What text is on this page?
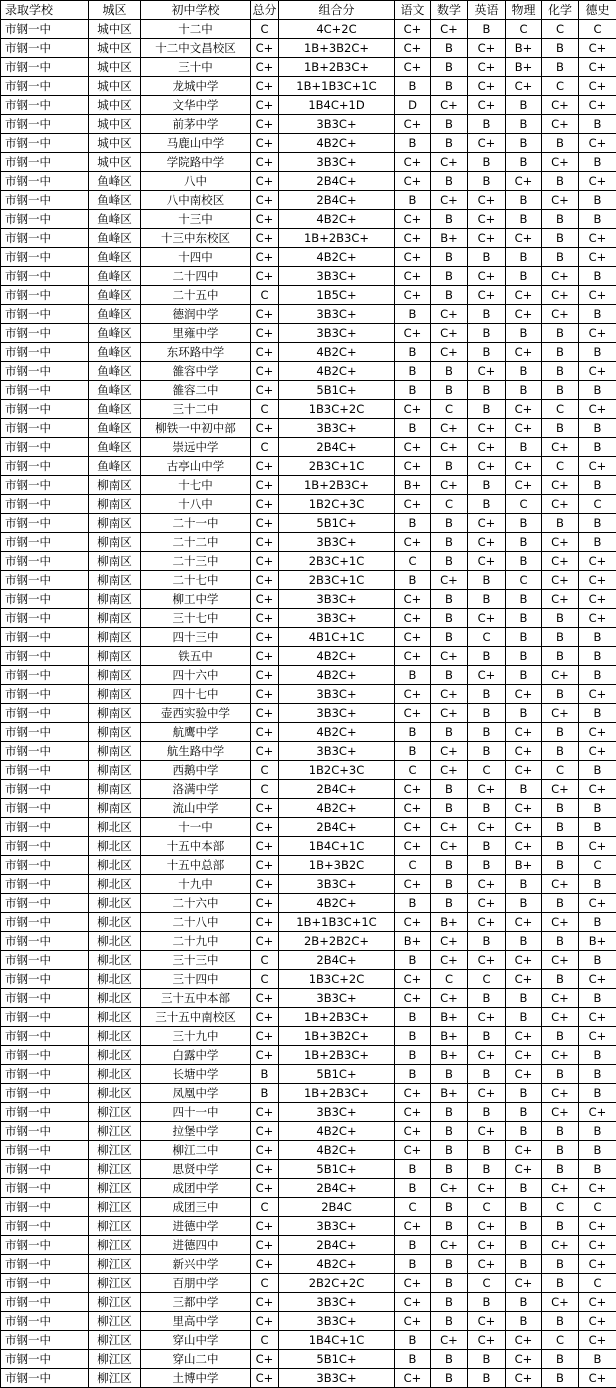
录取学校	城区	初中学校	总分	组合分	语文	数学	英语	物理	化学	德史
市钢一中	城中区	十二中	C	4C+2C	C+	C+	B	C	C	C
市钢一中	城中区	十二中文昌校区	C+	1B+3B2C+	C+	B	C+	B+	B	C+
市钢一中	城中区	三十中	C+	1B+2B3C+	C+	B	C+	B+	B	C+
市钢一中	城中区	龙城中学	C+	1B+1B3C+1C	B	B	C+	C+	C	C+
市钢一中	城中区	文华中学	C+	1B4C+1D	D	C+	C+	B	C+	C+
市钢一中	城中区	前茅中学	C+	3B3C+	C+	B	B	B	C+	B
市钢一中	城中区	马鹿山中学	C+	4B2C+	B	B	C+	B	B	C+
市钢一中	城中区	学院路中学	C+	3B3C+	C+	C+	B	B	C+	B
市钢一中	鱼峰区	八中	C+	2B4C+	C+	B	B	C+	B	C+
市钢一中	鱼峰区	八中南校区	C+	2B4C+	B	C+	C+	B	C+	B
市钢一中	鱼峰区	十三中	C+	4B2C+	C+	B	C+	B	B	B
市钢一中	鱼峰区	十三中东校区	C+	1B+2B3C+	C+	B+	C+	C+	B	C+
市钢一中	鱼峰区	十四中	C+	4B2C+	C+	B	B	B	B	C+
市钢一中	鱼峰区	二十四中	C+	3B3C+	C+	B	C+	B	C+	B
市钢一中	鱼峰区	二十五中	C	1B5C+	C+	B	C+	C+	C+	C+
市钢一中	鱼峰区	德润中学	C+	3B3C+	B	C+	B	C+	C+	B
市钢一中	鱼峰区	里雍中学	C+	3B3C+	C+	C+	B	B	B	C+
市钢一中	鱼峰区	东环路中学	C+	4B2C+	B	C+	B	C+	B	B
市钢一中	鱼峰区	雒容中学	C+	4B2C+	B	B	C+	B	B	C+
市钢一中	鱼峰区	雒容二中	C+	5B1C+	B	B	B	B	B	B
市钢一中	鱼峰区	三十二中	C	1B3C+2C	C+	C	B	C+	C	C+
市钢一中	鱼峰区	柳铁一中初中部	C+	3B3C+	B	C+	C+	C+	B	B
市钢一中	鱼峰区	崇远中学	C	2B4C+	C+	C+	C+	B	C+	B
市钢一中	鱼峰区	古亭山中学	C+	2B3C+1C	C+	B	C+	C+	C	C+
市钢一中	柳南区	十七中	C+	1B+2B3C+	B+	C+	B	C+	C+	B
市钢一中	柳南区	十八中	C+	1B2C+3C	C+	C	B	C	C+	C
市钢一中	柳南区	二十一中	C+	5B1C+	B	B	C+	B	B	B
市钢一中	柳南区	二十二中	C+	3B3C+	C+	B	C+	B	C+	B
市钢一中	柳南区	二十三中	C+	2B3C+1C	C	B	C+	B	C+	C+
市钢一中	柳南区	二十七中	C+	2B3C+1C	B	C+	B	C	C+	C+
市钢一中	柳南区	柳工中学	C+	3B3C+	C+	B	B	B	C+	C+
市钢一中	柳南区	三十七中	C+	3B3C+	C+	B	C+	B	B	C+
市钢一中	柳南区	四十三中	C+	4B1C+1C	C+	B	C	B	B	B
市钢一中	柳南区	铁五中	C+	4B2C+	C+	C+	B	B	B	B
市钢一中	柳南区	四十六中	C+	4B2C+	B	B	C+	B	C+	B
市钢一中	柳南区	四十七中	C+	3B3C+	C+	C+	B	C+	B	C+
市钢一中	柳南区	壶西实验中学	C+	3B3C+	C+	C+	B	B	C+	B
市钢一中	柳南区	航鹰中学	C+	4B2C+	B	B	B	C+	B	C+
市钢一中	柳南区	航生路中学	C+	3B3C+	B	C+	B	C+	B	C+
市钢一中	柳南区	西鹅中学	C	1B2C+3C	C	C+	C	C+	C	B
市钢一中	柳南区	洛满中学	C	2B4C+	C+	B	C+	B	C+	C+
市钢一中	柳南区	流山中学	C+	4B2C+	C+	B	B	C+	B	B
市钢一中	柳北区	十一中	C+	2B4C+	C+	C+	C+	C+	B	B
市钢一中	柳北区	十五中本部	C+	1B4C+1C	C+	C+	B	C+	B	C+
市钢一中	柳北区	十五中总部	C+	1B+3B2C	C	B	B	B+	B	C
市钢一中	柳北区	十九中	C+	3B3C+	C+	B	C+	B	C+	B
市钢一中	柳北区	二十六中	C+	4B2C+	B	B	C+	B	B	C+
市钢一中	柳北区	二十八中	C+	1B+1B3C+1C	C+	B+	C+	C+	C+	B
市钢一中	柳北区	二十九中	C+	2B+2B2C+	B+	C+	B	B	B	B+
市钢一中	柳北区	三十三中	C	2B4C+	B	C+	C+	C+	C+	B
市钢一中	柳北区	三十四中	C	1B3C+2C	C+	C	C	C+	B	C+
市钢一中	柳北区	三十五中本部	C+	3B3C+	C+	C+	B	B	C+	B
市钢一中	柳北区	三十五中南校区	C+	1B+2B3C+	B	B+	C+	B	C+	C+
市钢一中	柳北区	三十九中	C+	1B+3B2C+	B	B+	B	C+	B	C+
市钢一中	柳北区	白露中学	C+	1B+2B3C+	B	B+	C+	C+	C+	B
市钢一中	柳北区	长塘中学	B	5B1C+	B	B	B	C+	B	B
市钢一中	柳北区	凤凰中学	B	1B+2B3C+	C+	B+	C+	B	C+	B
市钢一中	柳江区	四十一中	C+	3B3C+	C+	B	B	B	C+	C+
市钢一中	柳江区	拉堡中学	C+	4B2C+	C+	B	C+	B	B	B
市钢一中	柳江区	柳江二中	C+	4B2C+	C+	B	B	C+	B	B
市钢一中	柳江区	思贤中学	C+	5B1C+	B	B	B	C+	B	B
市钢一中	柳江区	成团中学	C+	2B4C+	B	C+	C+	B	C+	C+
市钢一中	柳江区	成团三中	C	2B4C	C	B	C	B	C	C
市钢一中	柳江区	进德中学	C+	3B3C+	C+	B	C+	B	B	C+
市钢一中	柳江区	进德四中	C+	2B4C+	B	C+	C+	B	C+	C+
市钢一中	柳江区	新兴中学	C+	4B2C+	B	B	C+	B	B	C+
市钢一中	柳江区	百朋中学	C	2B2C+2C	C+	B	C	C+	B	C
市钢一中	柳江区	三都中学	C+	3B3C+	C+	B	B	B	C+	C+
市钢一中	柳江区	里高中学	C+	3B3C+	C+	B	C+	B	B	C+
市钢一中	柳江区	穿山中学	C	1B4C+1C	B	C+	C+	C+	C	C+
市钢一中	柳江区	穿山二中	C+	5B1C+	B	B	B	C+	B	B
市钢一中	柳江区	土博中学	C+	3B3C+	C+	B	B	C+	B	C+
